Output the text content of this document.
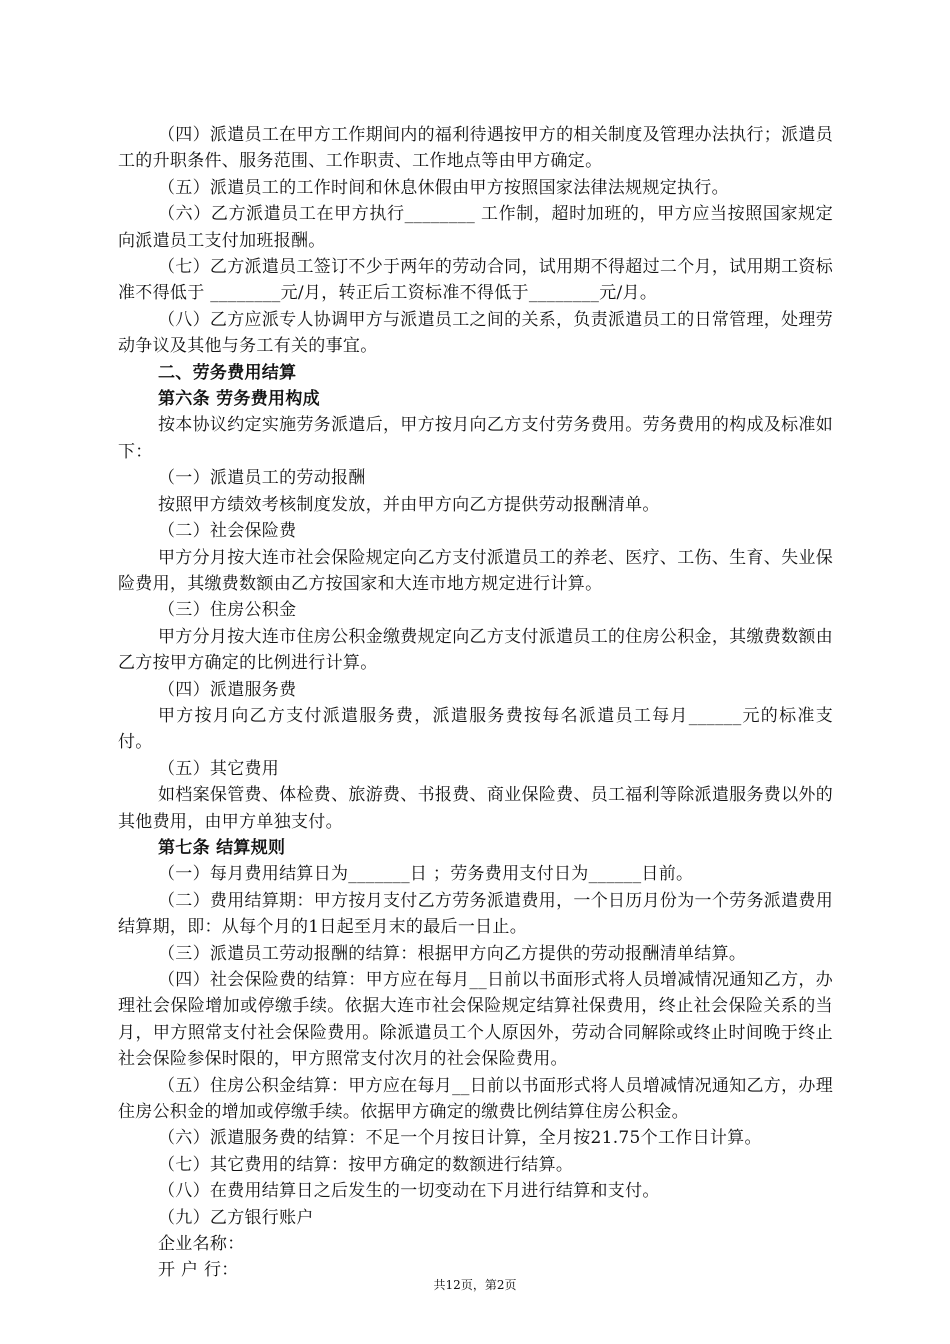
（四）派遣员工在甲方工作期间内的福利待遇按甲方的相关制度及管理办法执行；派遣员工的升职条件、服务范围、工作职责、工作地点等由甲方确定。

（五）派遣员工的工作时间和休息休假由甲方按照国家法律法规规定执行。

（六）乙方派遣员工在甲方执行________ 工作制，超时加班的，甲方应当按照国家规定向派遣员工支付加班报酬。

（七）乙方派遣员工签订不少于两年的劳动合同，试用期不得超过二个月，试用期工资标准不得低于 ________元/月，转正后工资标准不得低于________元/月。

（八）乙方应派专人协调甲方与派遣员工之间的关系，负责派遣员工的日常管理，处理劳动争议及其他与务工有关的事宜。

二、劳务费用结算

第六条 劳务费用构成

按本协议约定实施劳务派遣后，甲方按月向乙方支付劳务费用。劳务费用的构成及标准如下：

（一）派遣员工的劳动报酬

按照甲方绩效考核制度发放，并由甲方向乙方提供劳动报酬清单。

（二）社会保险费

甲方分月按大连市社会保险规定向乙方支付派遣员工的养老、医疗、工伤、生育、失业保险费用，其缴费数额由乙方按国家和大连市地方规定进行计算。

（三）住房公积金

甲方分月按大连市住房公积金缴费规定向乙方支付派遣员工的住房公积金，其缴费数额由乙方按甲方确定的比例进行计算。

（四）派遣服务费

甲方按月向乙方支付派遣服务费，派遣服务费按每名派遣员工每月______元的标准支付。

（五）其它费用

如档案保管费、体检费、旅游费、书报费、商业保险费、员工福利等除派遣服务费以外的其他费用，由甲方单独支付。

第七条 结算规则

（一）每月费用结算日为_______日 ；劳务费用支付日为______日前。

（二）费用结算期：甲方按月支付乙方劳务派遣费用，一个日历月份为一个劳务派遣费用结算期，即：从每个月的1日起至月末的最后一日止。

（三）派遣员工劳动报酬的结算：根据甲方向乙方提供的劳动报酬清单结算。

（四）社会保险费的结算：甲方应在每月__日前以书面形式将人员增减情况通知乙方，办理社会保险增加或停缴手续。依据大连市社会保险规定结算社保费用，终止社会保险关系的当月，甲方照常支付社会保险费用。除派遣员工个人原因外，劳动合同解除或终止时间晚于终止社会保险参保时限的，甲方照常支付次月的社会保险费用。

（五）住房公积金结算：甲方应在每月__日前以书面形式将人员增减情况通知乙方，办理住房公积金的增加或停缴手续。依据甲方确定的缴费比例结算住房公积金。

（六）派遣服务费的结算：不足一个月按日计算，全月按21.75个工作日计算。

（七）其它费用的结算：按甲方确定的数额进行结算。

（八）在费用结算日之后发生的一切变动在下月进行结算和支付。

（九）乙方银行账户

企业名称：

开 户 行：

共12页，第2页
